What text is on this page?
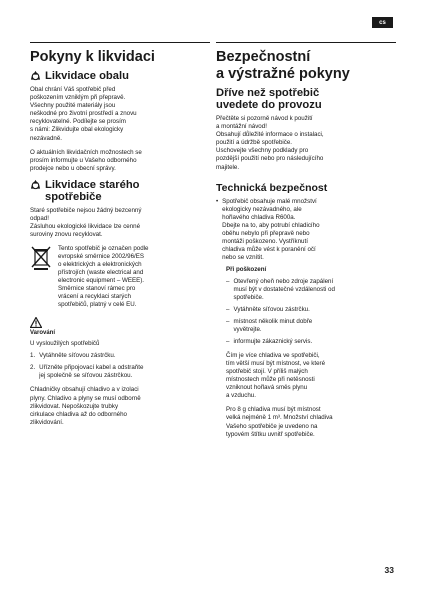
cs
Pokyny k likvidaci
Likvidace obalu
Obal chrání Váš spotřebič před
poškozením vzniklým při přepravě.
Všechny použité materiály jsou
neškodné pro životní prostředí a znovu
recyklovatelné. Podílejte se prosím
s námi: Zlikvidujte obal ekologicky
nezávadně.
O aktuálních likvidačních možnostech se
prosím informujte u Vašeho odborného
prodejce nebo u obecní správy.
Likvidace starého
spotřebiče
Staré spotřebiče nejsou žádný bezcenný
odpad!
Zásluhou ekologické likvidace lze cenné
suroviny znovu recyklovat.
Tento spotřebič je označen podle
evropské směrnice 2002/96/ES
o elektrických a elektronických
přístrojích (waste electrical and
electronic equipment – WEEE).
Směrnice stanoví rámec pro
vrácení a recyklaci starých
spotřebičů, platný v celé EU.
Varování
U vysloužilých spotřebičů
1. Vytáhněte síťovou zástrčku.
2. Uřízněte připojovací kabel a odstraňte
jej společně se síťovou zástrčkou.
Chladničky obsahují chladivo a v izolaci
plyny. Chladivo a plyny se musí odborně
zlikvidovat. Nepoškozujte trubky
cirkulace chladiva až do odborného
zlikvidování.
Bezpečnostní
a výstražné pokyny
Dříve než spotřebič
uvedete do provozu
Přečtěte si pozorně návod k použití
a montážní návod!
Obsahují důležité informace o instalaci,
použití a údržbě spotřebiče.
Uschovejte všechny podklady pro
pozdější použití nebo pro následujícího
majitele.
Technická bezpečnost
• Spotřebič obsahuje malé množství
ekologicky nezávadného, ale
hořlavého chladiva R600a.
Dbejte na to, aby potrubí chladicího
oběhu nebylo při přepravě nebo
montáži poškozeno. Vystříknutí
chladiva může vést k poranění očí
nebo se vznítit.
Při poškození
– Otevřený oheň nebo zdroje zapálení
musí být v dostatečné vzdálenosti od
spotřebiče.
– Vytáhněte síťovou zástrčku.
– místnost několik minut dobře
vyvětrejte.
– informujte zákaznický servis.
Čím je více chladiva ve spotřebiči,
tím větší musí být místnost, ve které
spotřebič stojí. V příliš malých
místnostech může při netěsnosti
vzniknout hořlavá směs plynu
a vzduchu.
Pro 8 g chladiva musí být místnost
velká nejméně 1 m³. Množství chladiva
Vašeho spotřebiče je uvedeno na
typovém štítku uvnitř spotřebiče.
33
